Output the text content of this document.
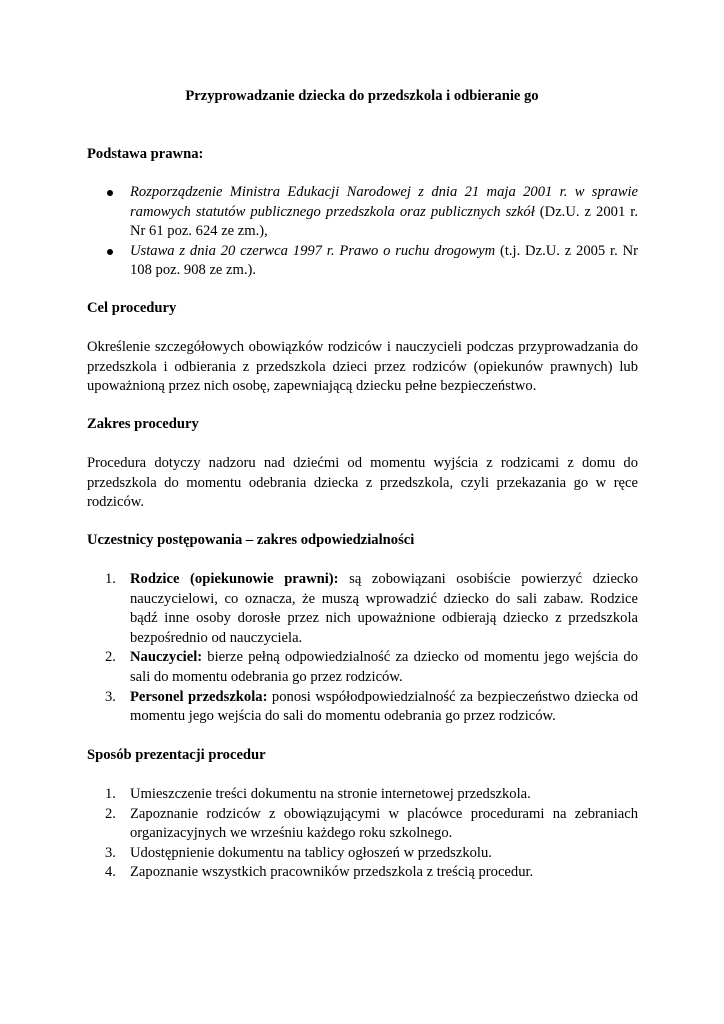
Przyprowadzanie dziecka do przedszkola i odbieranie go

Podstawa prawna:

Rozporządzenie Ministra Edukacji Narodowej z dnia 21 maja 2001 r. w sprawie ramowych statutów publicznego przedszkola oraz publicznych szkół (Dz.U. z 2001 r. Nr 61 poz. 624 ze zm.),
Ustawa z dnia 20 czerwca 1997 r. Prawo o ruchu drogowym (t.j. Dz.U. z 2005 r. Nr 108 poz. 908 ze zm.).

Cel procedury

Określenie szczegółowych obowiązków rodziców i nauczycieli podczas przyprowadzania do przedszkola i odbierania z przedszkola dzieci przez rodziców (opiekunów prawnych) lub upoważnioną przez nich osobę, zapewniającą dziecku pełne bezpieczeństwo.

Zakres procedury

Procedura dotyczy nadzoru nad dziećmi od momentu wyjścia z rodzicami z domu do przedszkola do momentu odebrania dziecka z przedszkola, czyli przekazania go w ręce rodziców.

Uczestnicy postępowania – zakres odpowiedzialności

1. Rodzice (opiekunowie prawni): są zobowiązani osobiście powierzyć dziecko nauczycielowi, co oznacza, że muszą wprowadzić dziecko do sali zabaw. Rodzice bądź inne osoby dorosłe przez nich upoważnione odbierają dziecko z przedszkola bezpośrednio od nauczyciela.
2. Nauczyciel: bierze pełną odpowiedzialność za dziecko od momentu jego wejścia do sali do momentu odebrania go przez rodziców.
3. Personel przedszkola: ponosi współodpowiedzialność za bezpieczeństwo dziecka od momentu jego wejścia do sali do momentu odebrania go przez rodziców.

Sposób prezentacji procedur

1. Umieszczenie treści dokumentu na stronie internetowej przedszkola.
2. Zapoznanie rodziców z obowiązującymi w placówce procedurami na zebraniach organizacyjnych we wrześniu każdego roku szkolnego.
3. Udostępnienie dokumentu na tablicy ogłoszeń w przedszkolu.
4. Zapoznanie wszystkich pracowników przedszkola z treścią procedur.
